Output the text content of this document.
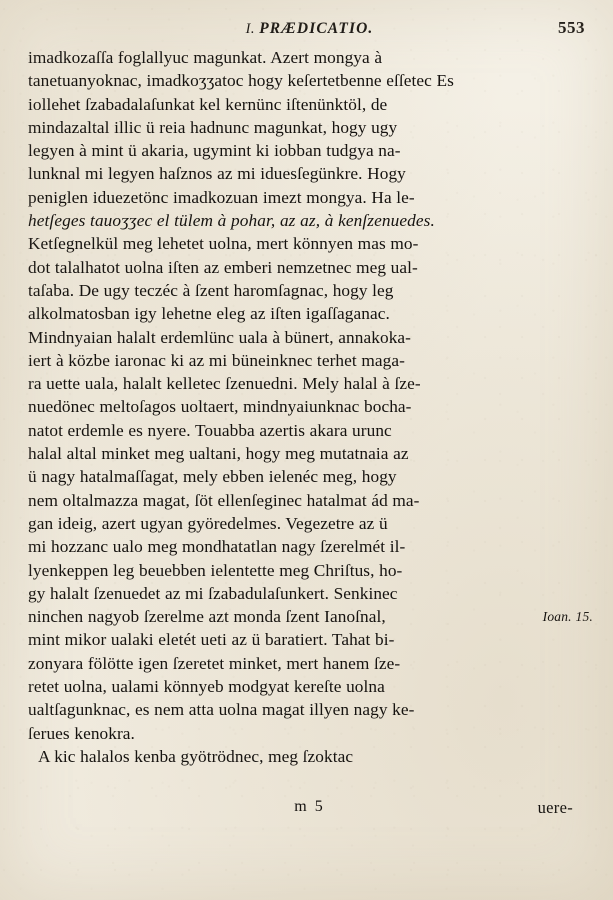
I. PRÆDICATIO.	553

imadkozaſſa foglallyuc magunkat. Azert mongya à
tanetuanyoknac, imadkoʒʒatoc hogy keſertetbenne eſſetec Es
iollehet ſzabadalaſunkat kel kernünc iſtenünktöl, de
mindazaltal illic ü reia hadnunc magunkat, hogy ugy
legyen à mint ü akaria, ugymint ki iobban tudgya na-
lunknal mi legyen haſznos az mi iduesſegünkre. Hogy
peniglen iduezetönc imadkozuan imezt mongya. Ha le-
hetſeges tauoʒʒec el tülem à pohar, az az, à kenſzenuedes.
Ketſegnelkül meg lehetet uolna, mert könnyen mas mo-
dot talalhatot uolna iſten az emberi nemzetnec meg ual-
taſaba. De ugy teczéc à ſzent haromſagnac, hogy leg
alkolmatosban igy lehetne eleg az iſten igaſſaganac.
Mindnyaian halalt erdemlünc uala à bünert, annakoka-
iert à közbe iaronac ki az mi büneinknec terhet maga-
ra uette uala, halalt kelletec ſzenuedni. Mely halal à ſze-
nuedönec meltoſagos uoltaert, mindnyaiunknac bocha-
natot erdemle es nyere. Touabba azertis akara urunc
halal altal minket meg ualtani, hogy meg mutatnaia az
ü nagy hatalmaſſagat, mely ebben ielenéc meg, hogy
nem oltalmazza magat, ſöt ellenſeginec hatalmat ád ma-
gan ideig, azert ugyan györedelmes. Vegezetre az ü
mi hozzanc ualo meg mondhatatlan nagy ſzerelmét il-
lyenkeppen leg beuebben ielentette meg Chriſtus, ho-
gy halalt ſzenuedet az mi ſzabadulaſunkert. Senkinec
ninchen nagyob ſzerelme azt monda ſzent Ianoſnal,	Ioan. 15.
mint mikor ualaki eletét ueti az ü baratiert. Tahat bi-
zonyara fölötte igen ſzeretet minket, mert hanem ſze-
retet uolna, ualami könnyeb modgyat kereſte uolna
ualtſagunknac, es nem atta uolna magat illyen nagy ke-
ſerues kenokra.
A kic halalos kenba gyötrödnec, meg ſzoktac

m 5	uere-
